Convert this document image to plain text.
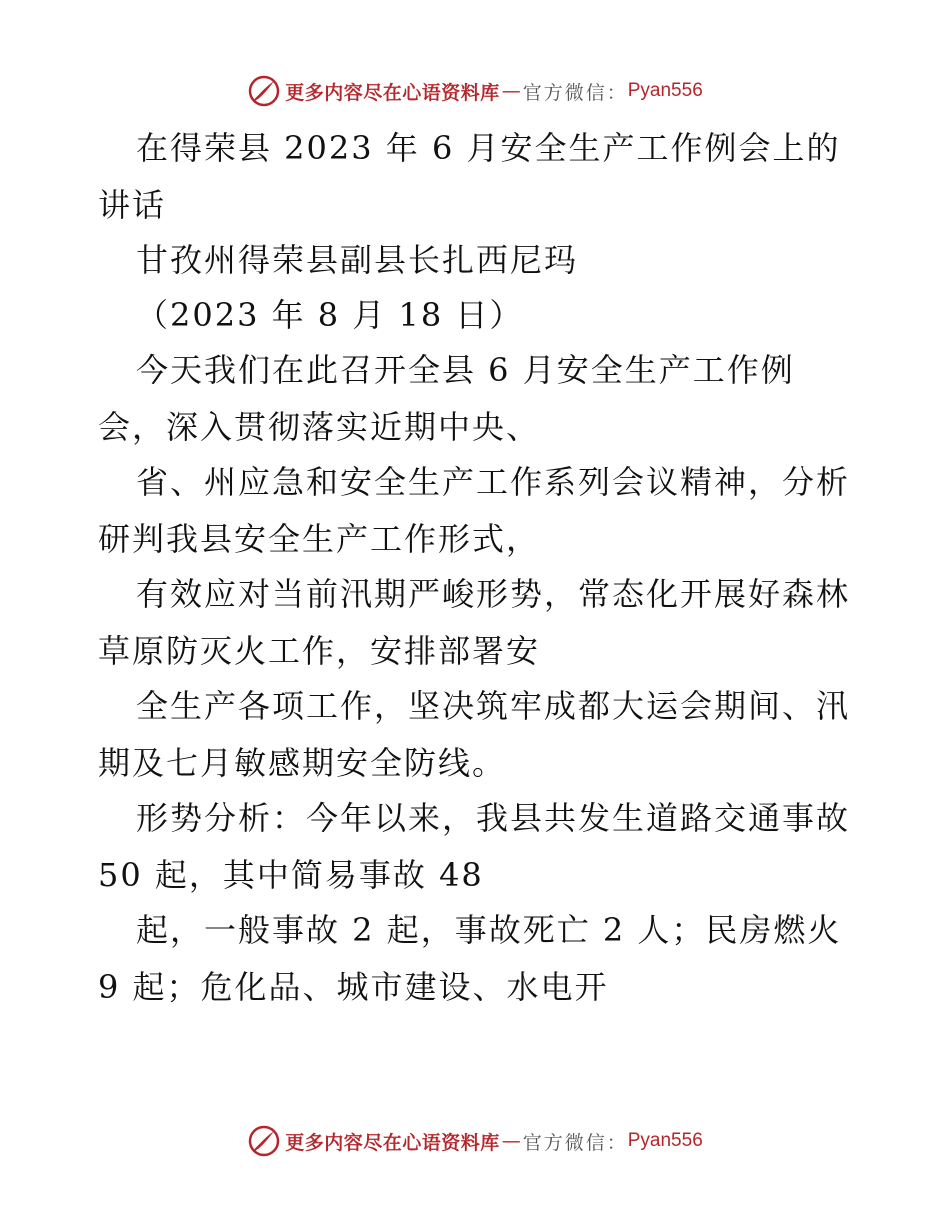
更多内容尽在心语资料库 — 官方微信： Pyan556

在得荣县 2023 年 6 月安全生产工作例会上的讲话

甘孜州得荣县副县长扎西尼玛

（2023 年 8 月 18 日）

今天我们在此召开全县 6 月安全生产工作例会，深入贯彻落实近期中央、

省、州应急和安全生产工作系列会议精神，分析研判我县安全生产工作形式，

有效应对当前汛期严峻形势，常态化开展好森林草原防灭火工作，安排部署安

全生产各项工作，坚决筑牢成都大运会期间、汛期及七月敏感期安全防线。

形势分析：今年以来，我县共发生道路交通事故 50 起，其中简易事故 48

起，一般事故 2 起，事故死亡 2 人；民房燃火 9 起；危化品、城市建设、水电开

更多内容尽在心语资料库 — 官方微信： Pyan556
